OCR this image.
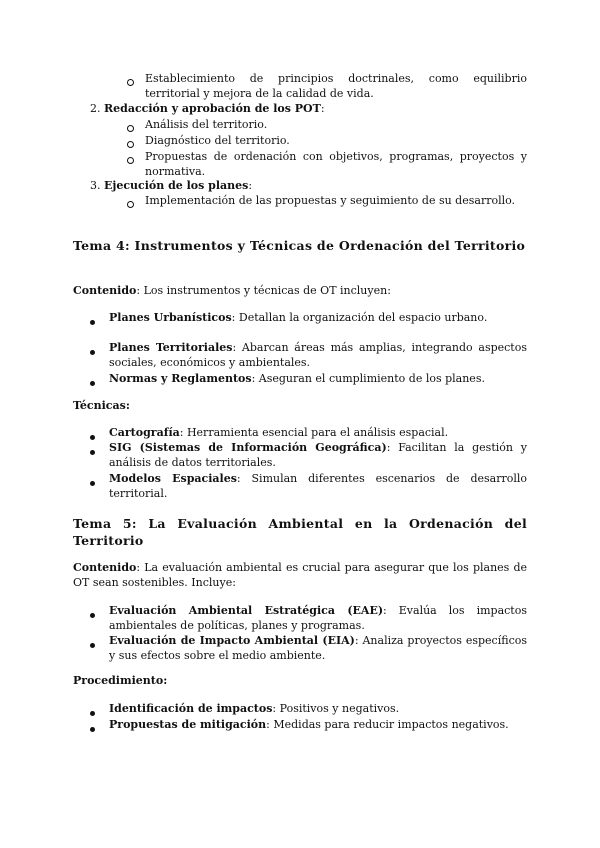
Establecimiento de principios doctrinales, como equilibrio territorial y mejora de la calidad de vida.

2. Redacción y aprobación de los POT:

Análisis del territorio.

Diagnóstico del territorio.

Propuestas de ordenación con objetivos, programas, proyectos y normativa.

3. Ejecución de los planes:

Implementación de las propuestas y seguimiento de su desarrollo.

Tema 4: Instrumentos y Técnicas de Ordenación del Territorio
Contenido: Los instrumentos y técnicas de OT incluyen:

Planes Urbanísticos: Detallan la organización del espacio urbano.

Planes Territoriales: Abarcan áreas más amplias, integrando aspectos sociales, económicos y ambientales.

Normas y Reglamentos: Aseguran el cumplimiento de los planes.

Técnicas:

Cartografía: Herramienta esencial para el análisis espacial.

SIG (Sistemas de Información Geográfica): Facilitan la gestión y análisis de datos territoriales.

Modelos Espaciales: Simulan diferentes escenarios de desarrollo territorial.

Tema 5: La Evaluación Ambiental en la Ordenación del Territorio
Contenido: La evaluación ambiental es crucial para asegurar que los planes de OT sean sostenibles. Incluye:

Evaluación Ambiental Estratégica (EAE): Evalúa los impactos ambientales de políticas, planes y programas.

Evaluación de Impacto Ambiental (EIA): Analiza proyectos específicos y sus efectos sobre el medio ambiente.

Procedimiento:

Identificación de impactos: Positivos y negativos.

Propuestas de mitigación: Medidas para reducir impactos negativos.
